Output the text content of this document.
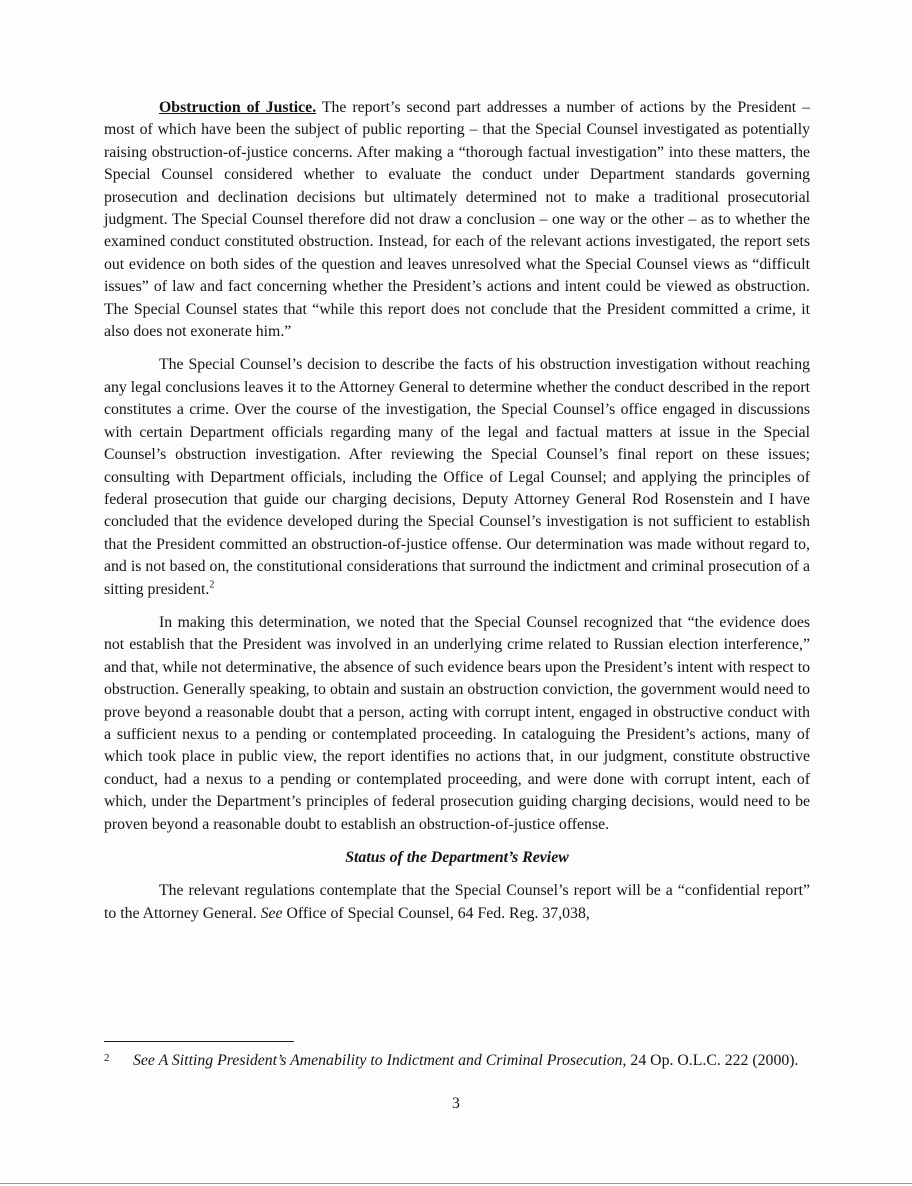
Obstruction of Justice. The report’s second part addresses a number of actions by the President – most of which have been the subject of public reporting – that the Special Counsel investigated as potentially raising obstruction-of-justice concerns. After making a “thorough factual investigation” into these matters, the Special Counsel considered whether to evaluate the conduct under Department standards governing prosecution and declination decisions but ultimately determined not to make a traditional prosecutorial judgment. The Special Counsel therefore did not draw a conclusion – one way or the other – as to whether the examined conduct constituted obstruction. Instead, for each of the relevant actions investigated, the report sets out evidence on both sides of the question and leaves unresolved what the Special Counsel views as “difficult issues” of law and fact concerning whether the President’s actions and intent could be viewed as obstruction. The Special Counsel states that “while this report does not conclude that the President committed a crime, it also does not exonerate him.”

The Special Counsel’s decision to describe the facts of his obstruction investigation without reaching any legal conclusions leaves it to the Attorney General to determine whether the conduct described in the report constitutes a crime. Over the course of the investigation, the Special Counsel’s office engaged in discussions with certain Department officials regarding many of the legal and factual matters at issue in the Special Counsel’s obstruction investigation. After reviewing the Special Counsel’s final report on these issues; consulting with Department officials, including the Office of Legal Counsel; and applying the principles of federal prosecution that guide our charging decisions, Deputy Attorney General Rod Rosenstein and I have concluded that the evidence developed during the Special Counsel’s investigation is not sufficient to establish that the President committed an obstruction-of-justice offense. Our determination was made without regard to, and is not based on, the constitutional considerations that surround the indictment and criminal prosecution of a sitting president.$^2$

In making this determination, we noted that the Special Counsel recognized that “the evidence does not establish that the President was involved in an underlying crime related to Russian election interference,” and that, while not determinative, the absence of such evidence bears upon the President’s intent with respect to obstruction. Generally speaking, to obtain and sustain an obstruction conviction, the government would need to prove beyond a reasonable doubt that a person, acting with corrupt intent, engaged in obstructive conduct with a sufficient nexus to a pending or contemplated proceeding. In cataloguing the President’s actions, many of which took place in public view, the report identifies no actions that, in our judgment, constitute obstructive conduct, had a nexus to a pending or contemplated proceeding, and were done with corrupt intent, each of which, under the Department’s principles of federal prosecution guiding charging decisions, would need to be proven beyond a reasonable doubt to establish an obstruction-of-justice offense.

Status of the Department’s Review

The relevant regulations contemplate that the Special Counsel’s report will be a “confidential report” to the Attorney General. See Office of Special Counsel, 64 Fed. Reg. 37,038,

2 See A Sitting President’s Amenability to Indictment and Criminal Prosecution, 24 Op. O.L.C. 222 (2000).
3
